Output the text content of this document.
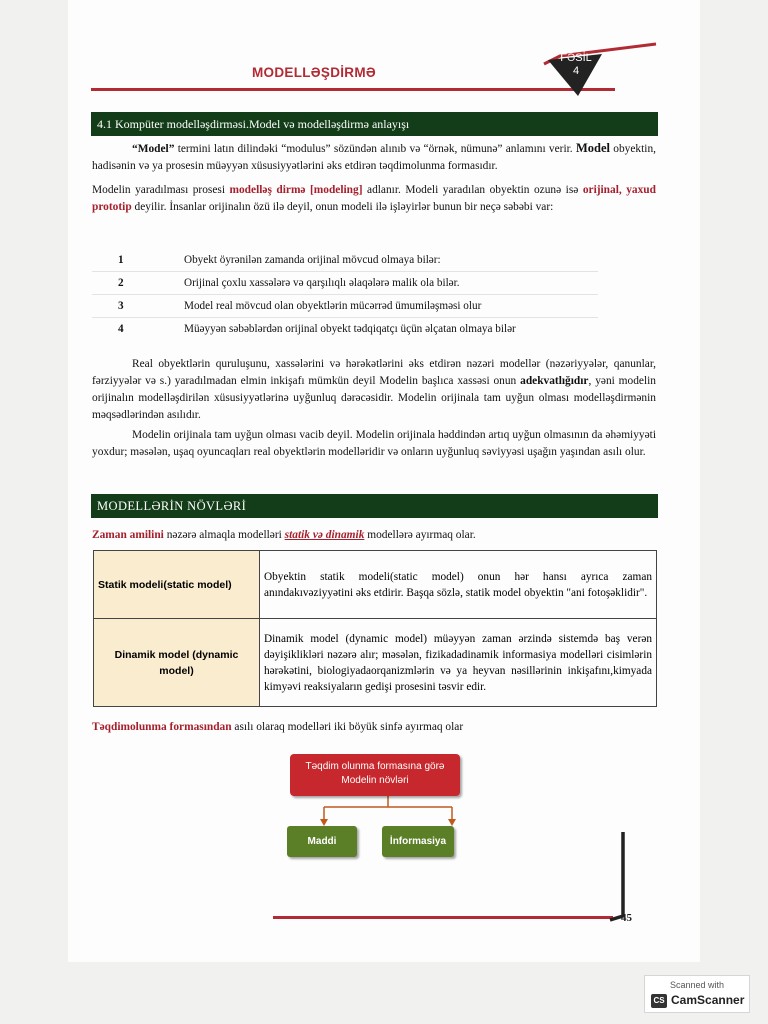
MODELLƏŞDİRMƏ
FƏSİL
4
4.1 Kompüter modelləşdirməsi.Model və modelləşdirmə anlayışı
“Model” termini latın dilindəki “modulus” sözündən alınıb və “örnək, nümunə” anlamını verir. Model obyektin, hadisənin və ya prosesin müəyyən xüsusiyyətlərini əks etdirən təqdimolunma formasıdır.
Modelin yaradılması prosesi modelləş dirmə [modeling] adlanır. Modeli yaradılan obyektin ozunə isə orijinal, yaxud prototip deyilir. İnsanlar orijinalın özü ilə deyil, onun modeli ilə işləyirlər bunun bir neçə səbəbi var:
1	Obyekt öyrənilən zamanda orijinal mövcud olmaya bilər:
2	Orijinal çoxlu xassələrə və qarşılıqlı əlaqələrə malik ola bilər.
3	Model real mövcud olan obyektlərin mücərrəd ümumiləşməsi olur
4	Müəyyən səbəblərdən orijinal obyekt tədqiqatçı üçün əlçatan olmaya bilər
Real obyektlərin quruluşunu, xassələrini və hərəkətlərini əks etdirən nəzəri modellər (nəzəriyyələr, qanunlar, fərziyyələr və s.) yaradılmadan elmin inkişafı mümkün deyil Modelin başlıca xassəsi onun adekvatlığıdır, yəni modelin orijinalın modelləşdirilən xüsusiyyətlərinə uyğunluq dərəcəsidir. Modelin orijinala tam uyğun olması modelləşdirmənin məqsədlərindən asılıdır.
Modelin orijinala tam uyğun olması vacib deyil. Modelin orijinala həddindən artıq uyğun olmasının da əhəmiyyəti yoxdur; məsələn, uşaq oyuncaqları real obyektlərin modelləridir və onların uyğunluq səviyyəsi uşağın yaşından asılı olur.
MODELLƏRİN NÖVLƏRİ
Zaman amilini nəzərə almaqla modelləri statik və dinamik modellərə ayırmaq olar.
Statik modeli(static model)	Obyektin statik modeli(static model) onun hər hansı ayrıca zaman anındakıvəziyyətini əks etdirir. Başqa sözlə, statik model obyektin "ani fotoşəklidir".
Dinamik model (dynamic model)	Dinamik model (dynamic model) müəyyən zaman ərzində sistemdə baş verən dəyişiklikləri nəzərə alır; məsələn, fizikadadinamik informasiya modelləri cisimlərin hərəkətini, biologiyadaorqanizmlərin və ya heyvan nəsillərinin inkişafını,kimyada kimyəvi reaksiyaların gedişi prosesini təsvir edir.
Təqdimolunma formasından asılı olaraq modelləri iki böyük sinfə ayırmaq olar
Təqdim olunma formasına görə Modelin növləri
Maddi	İnformasiya
45
Scanned with
CS CamScanner
